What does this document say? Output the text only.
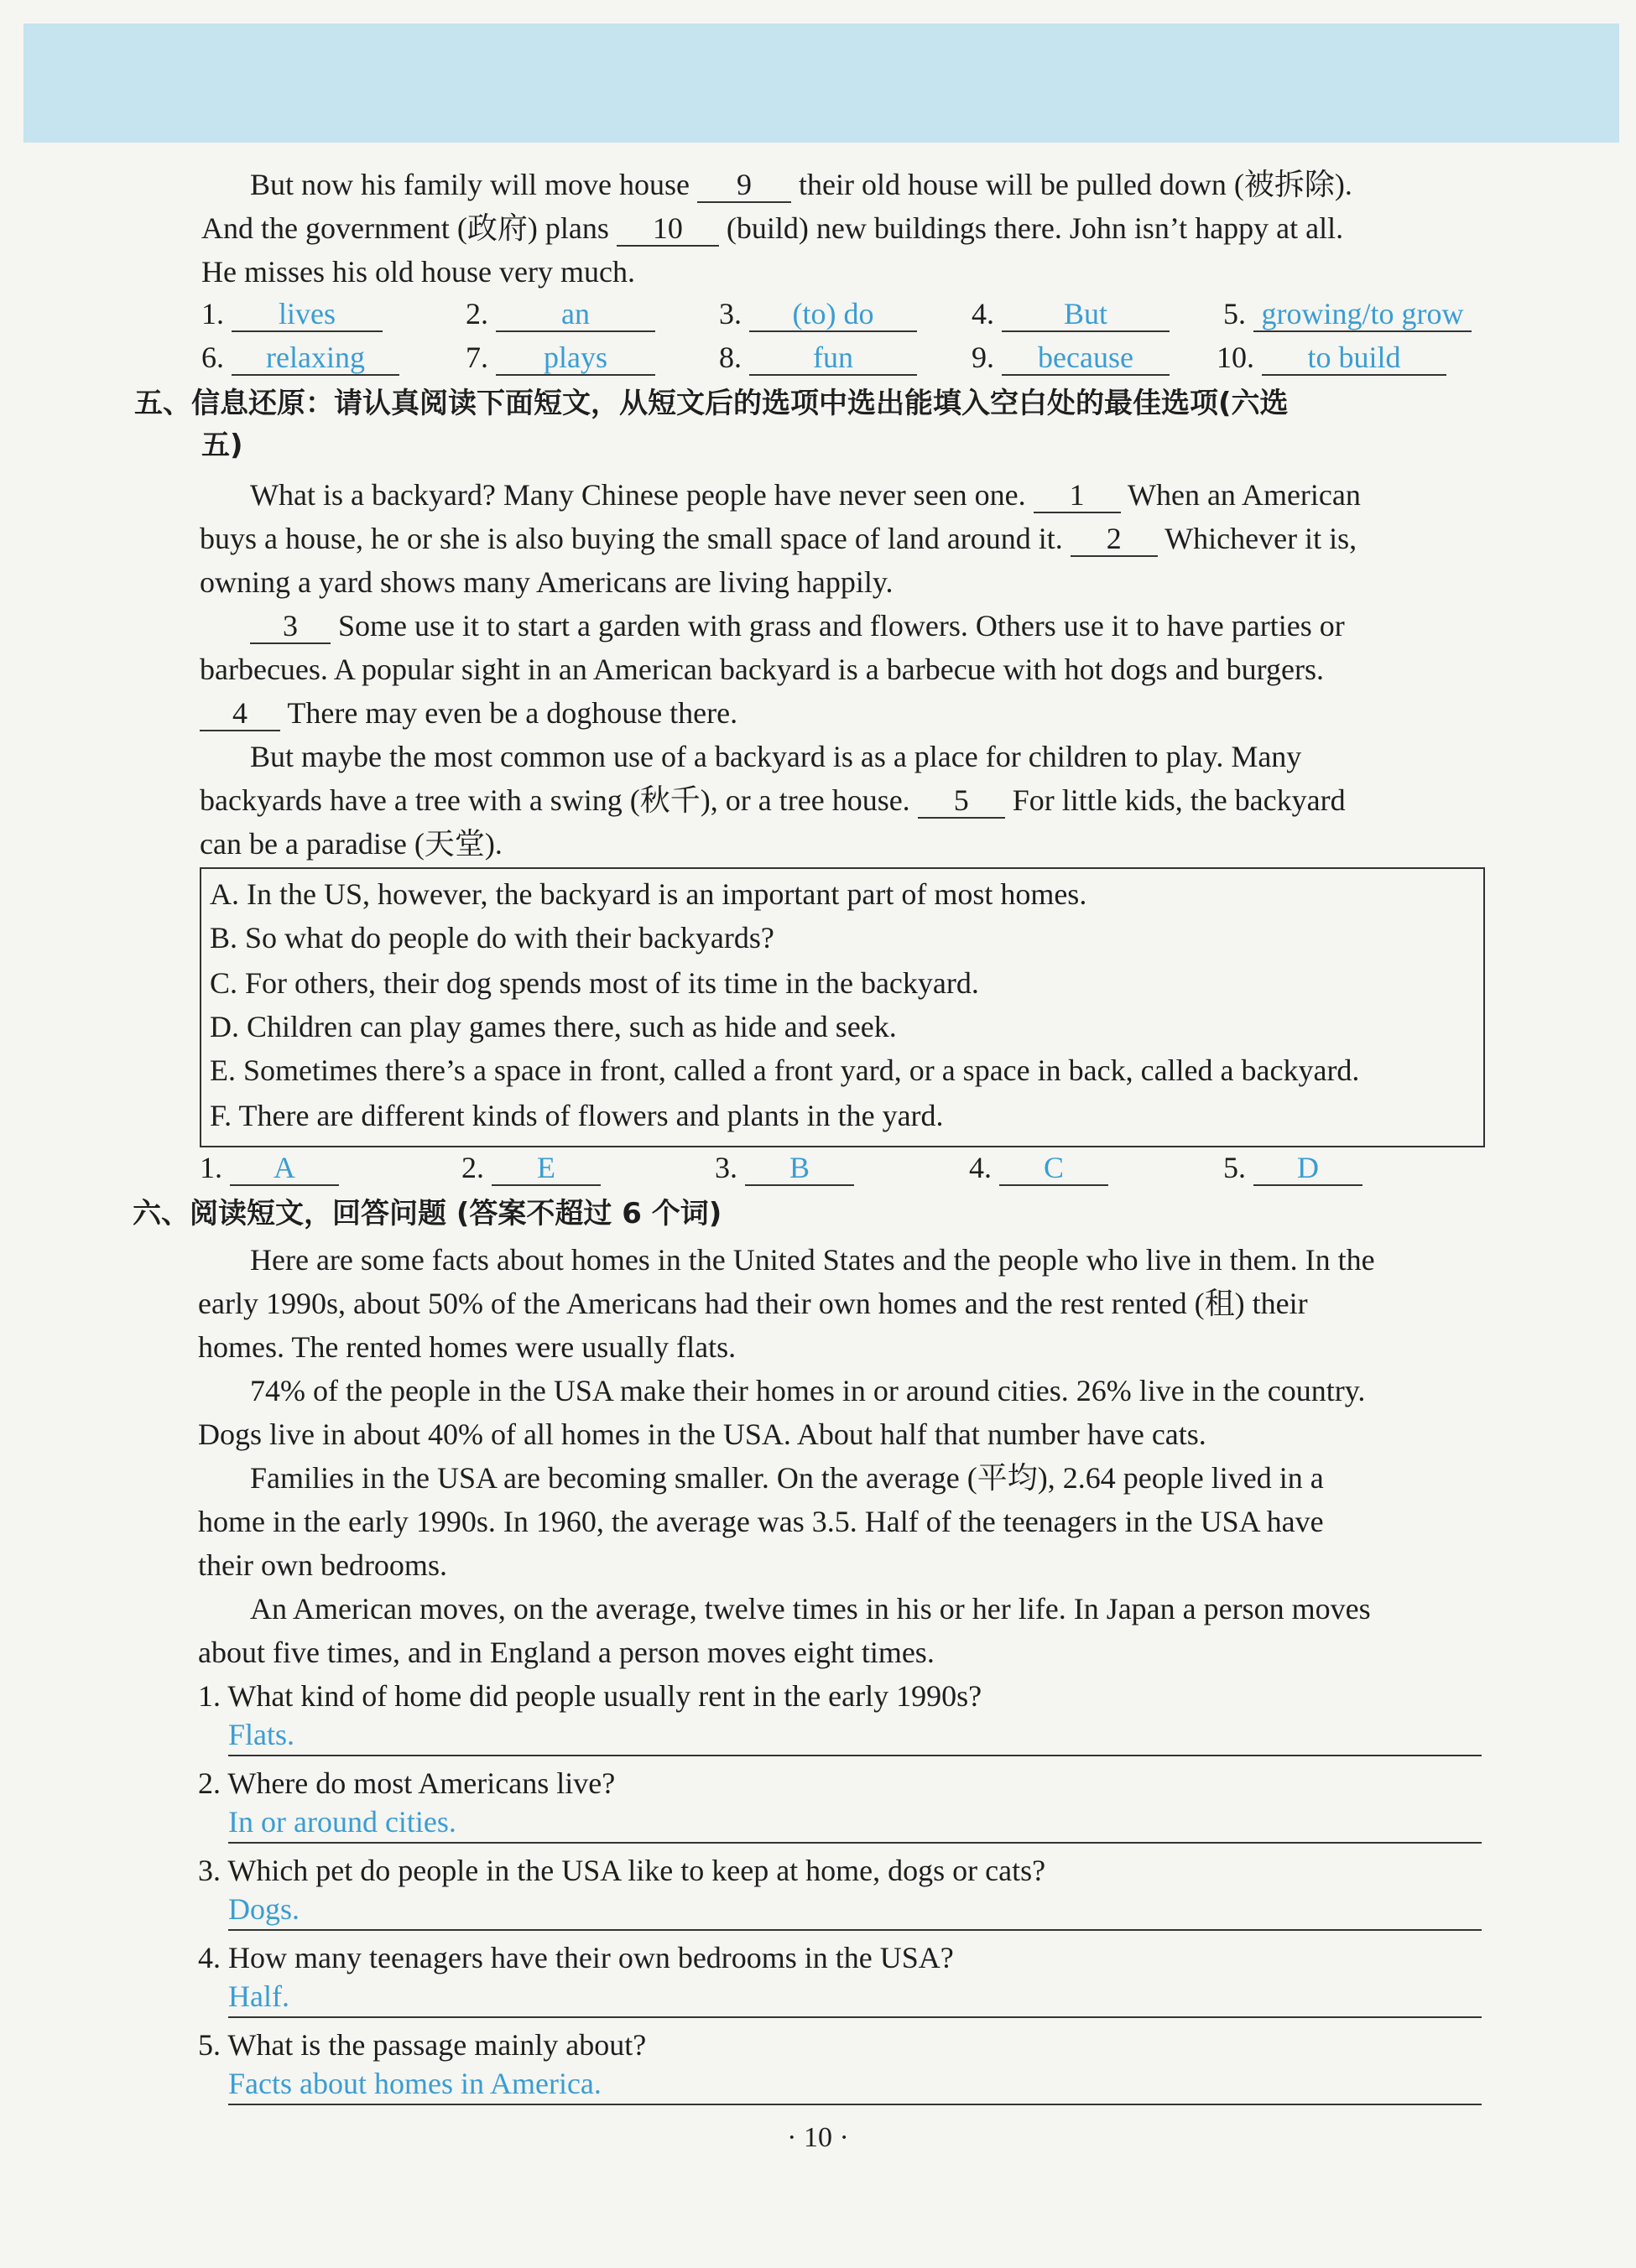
But now his family will move house 9 their old house will be pulled down (被拆除).
And the government (政府) plans 10 (build) new buildings there. John isn’t happy at all.
He misses his old house very much.
1. lives	2. an	3. (to) do	4. But	5. growing/to grow
6. relaxing	7. plays	8. fun	9. because	10. to build
五、信息还原：请认真阅读下面短文，从短文后的选项中选出能填入空白处的最佳选项(六选
五)
What is a backyard? Many Chinese people have never seen one. 1 When an American
buys a house, he or she is also buying the small space of land around it. 2 Whichever it is,
owning a yard shows many Americans are living happily.
3 Some use it to start a garden with grass and flowers. Others use it to have parties or
barbecues. A popular sight in an American backyard is a barbecue with hot dogs and burgers.
4 There may even be a doghouse there.
But maybe the most common use of a backyard is as a place for children to play. Many
backyards have a tree with a swing (秋千), or a tree house. 5 For little kids, the backyard
can be a paradise (天堂).
A. In the US, however, the backyard is an important part of most homes.
B. So what do people do with their backyards?
C. For others, their dog spends most of its time in the backyard.
D. Children can play games there, such as hide and seek.
E. Sometimes there’s a space in front, called a front yard, or a space in back, called a backyard.
F. There are different kinds of flowers and plants in the yard.
1. A	2. E	3. B	4. C	5. D
六、阅读短文，回答问题 (答案不超过 6 个词)
Here are some facts about homes in the United States and the people who live in them. In the
early 1990s, about 50% of the Americans had their own homes and the rest rented (租) their
homes. The rented homes were usually flats.
74% of the people in the USA make their homes in or around cities. 26% live in the country.
Dogs live in about 40% of all homes in the USA. About half that number have cats.
Families in the USA are becoming smaller. On the average (平均), 2.64 people lived in a
home in the early 1990s. In 1960, the average was 3.5. Half of the teenagers in the USA have
their own bedrooms.
An American moves, on the average, twelve times in his or her life. In Japan a person moves
about five times, and in England a person moves eight times.
1. What kind of home did people usually rent in the early 1990s?
Flats.
2. Where do most Americans live?
In or around cities.
3. Which pet do people in the USA like to keep at home, dogs or cats?
Dogs.
4. How many teenagers have their own bedrooms in the USA?
Half.
5. What is the passage mainly about?
Facts about homes in America.
· 10 ·
